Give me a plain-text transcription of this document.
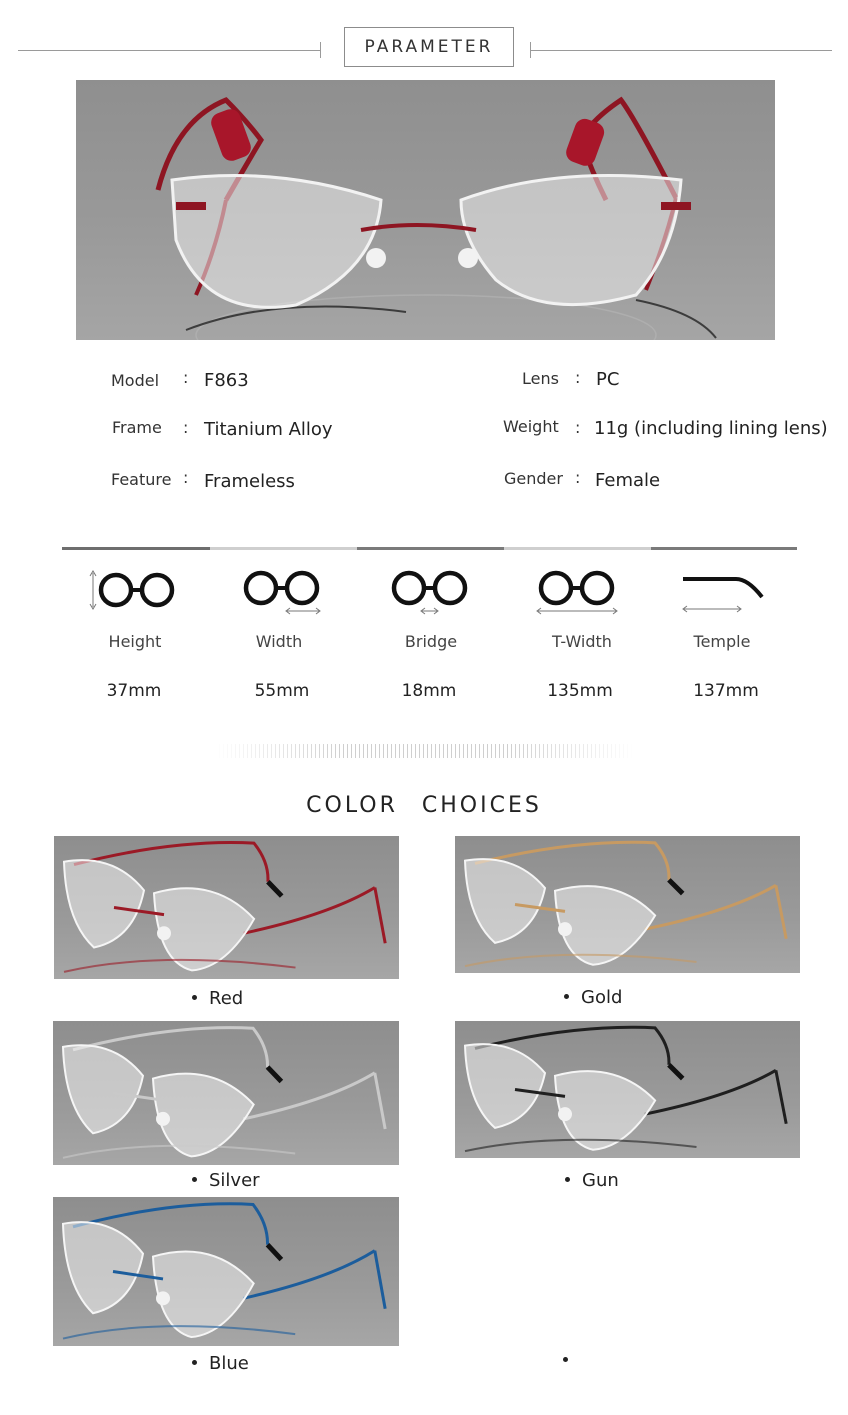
PARAMETER
Model : F863
Frame : Titanium Alloy
Feature : Frameless
Lens : PC
Weight : 11g (including lining lens)
Gender : Female
Height	Width	Bridge	T-Width	Temple
37mm	55mm	18mm	135mm	137mm
COLOR CHOICES
Red	Gold
Silver	Gun
Blue
